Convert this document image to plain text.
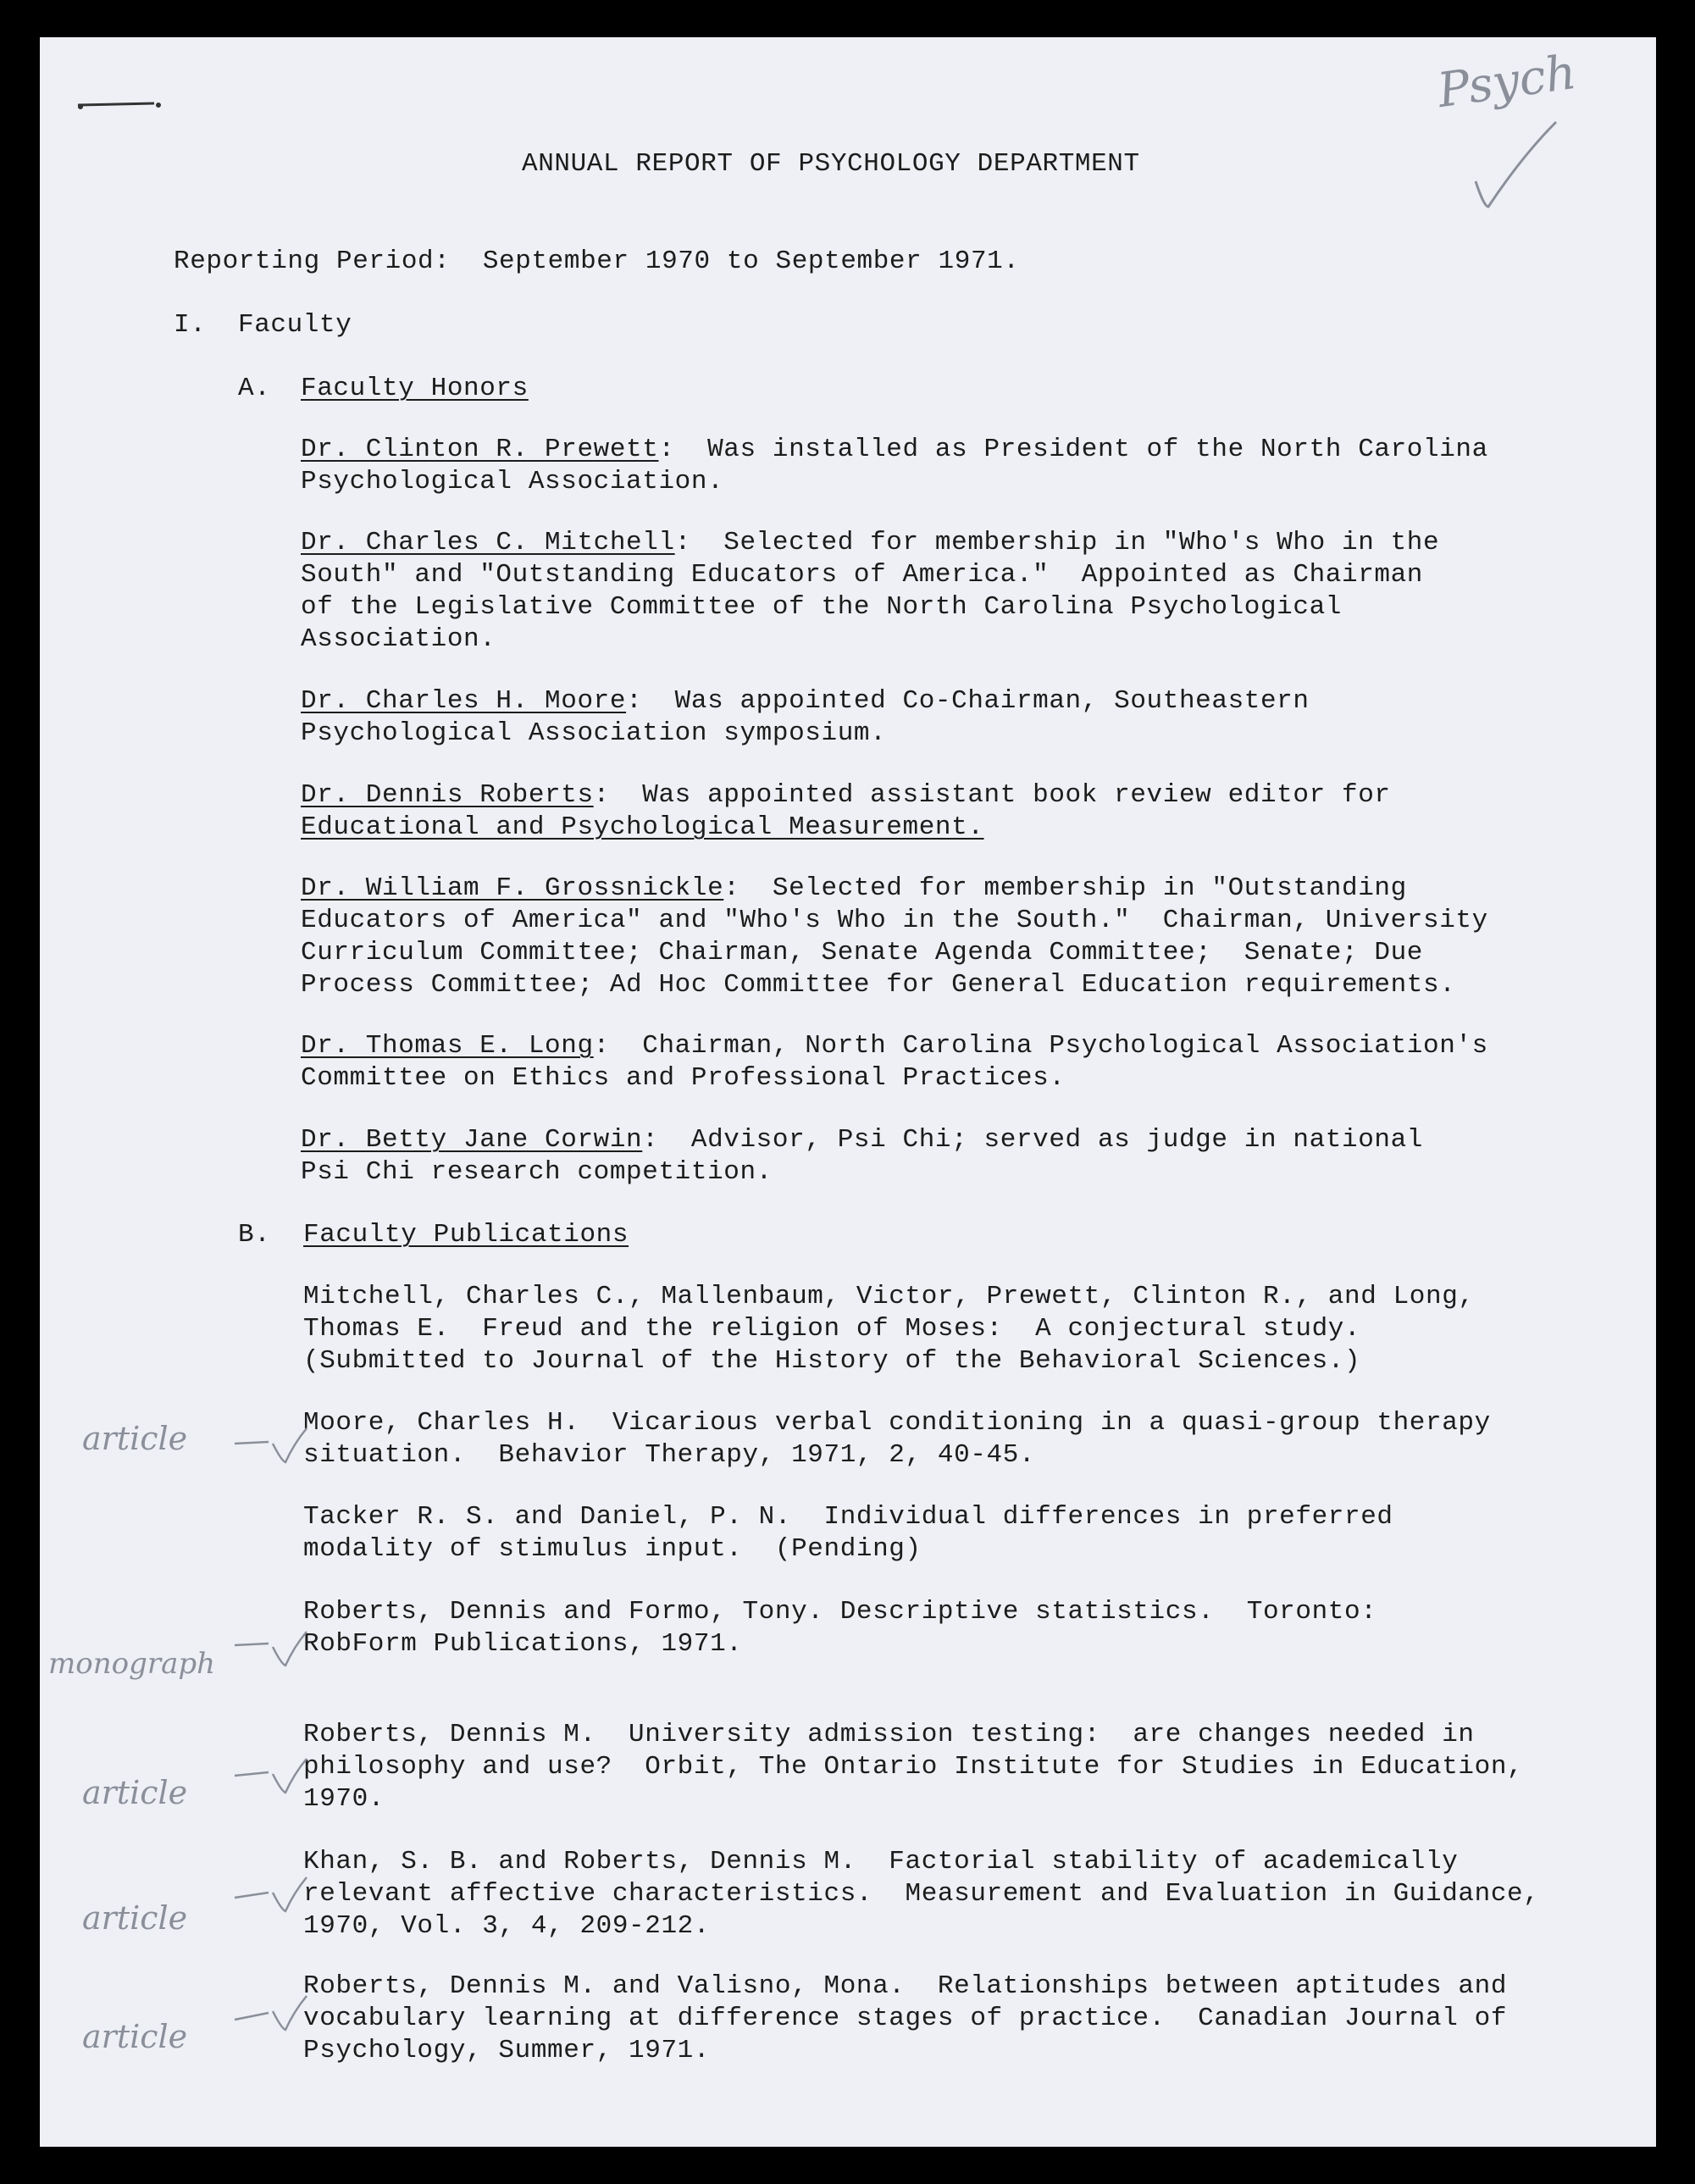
Psych
ANNUAL REPORT OF PSYCHOLOGY DEPARTMENT
Reporting Period:  September 1970 to September 1971.
I. Faculty
A. Faculty Honors
Dr. Clinton R. Prewett:  Was installed as President of the North Carolina
Psychological Association.
Dr. Charles C. Mitchell:  Selected for membership in "Who's Who in the
South" and "Outstanding Educators of America."  Appointed as Chairman
of the Legislative Committee of the North Carolina Psychological
Association.
Dr. Charles H. Moore:  Was appointed Co-Chairman, Southeastern
Psychological Association symposium.
Dr. Dennis Roberts:  Was appointed assistant book review editor for
Educational and Psychological Measurement.
Dr. William F. Grossnickle:  Selected for membership in "Outstanding
Educators of America" and "Who's Who in the South."  Chairman, University
Curriculum Committee; Chairman, Senate Agenda Committee;  Senate; Due
Process Committee; Ad Hoc Committee for General Education requirements.
Dr. Thomas E. Long:  Chairman, North Carolina Psychological Association's
Committee on Ethics and Professional Practices.
Dr. Betty Jane Corwin:  Advisor, Psi Chi; served as judge in national
Psi Chi research competition.
B. Faculty Publications
Mitchell, Charles C., Mallenbaum, Victor, Prewett, Clinton R., and Long,
Thomas E.  Freud and the religion of Moses:  A conjectural study.
(Submitted to Journal of the History of the Behavioral Sciences.)
article	Moore, Charles H.  Vicarious verbal conditioning in a quasi-group therapy
situation.  Behavior Therapy, 1971, 2, 40-45.
Tacker R. S. and Daniel, P. N.  Individual differences in preferred
modality of stimulus input.  (Pending)
monograph
Roberts, Dennis and Formo, Tony. Descriptive statistics.  Toronto:
RobForm Publications, 1971.
article
Roberts, Dennis M.  University admission testing:  are changes needed in
philosophy and use?  Orbit, The Ontario Institute for Studies in Education,
1970.
article
Khan, S. B. and Roberts, Dennis M.  Factorial stability of academically
relevant affective characteristics.  Measurement and Evaluation in Guidance,
1970, Vol. 3, 4, 209-212.
article
Roberts, Dennis M. and Valisno, Mona.  Relationships between aptitudes and
vocabulary learning at difference stages of practice.  Canadian Journal of
Psychology, Summer, 1971.
